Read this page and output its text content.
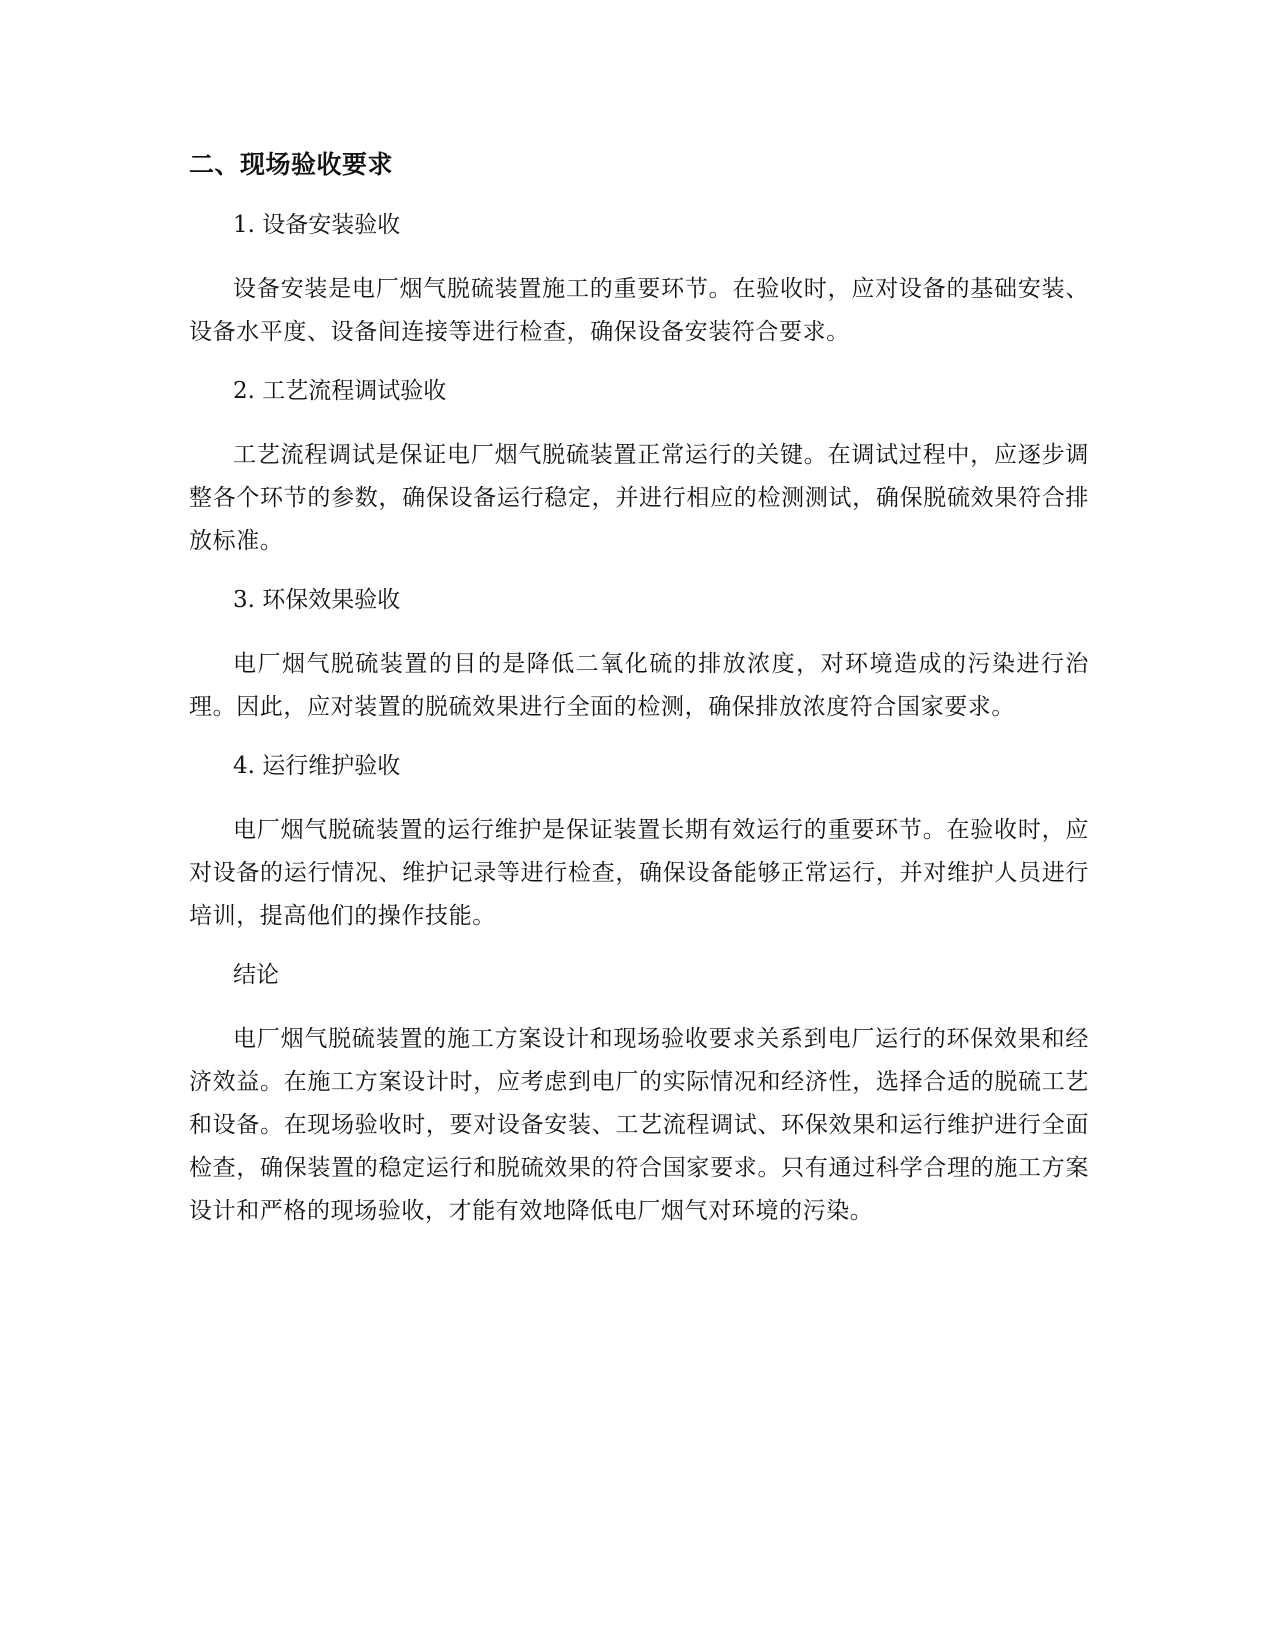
二、现场验收要求
1. 设备安装验收
设备安装是电厂烟气脱硫装置施工的重要环节。在验收时，应对设备的基础安装、设备水平度、设备间连接等进行检查，确保设备安装符合要求。
2. 工艺流程调试验收
工艺流程调试是保证电厂烟气脱硫装置正常运行的关键。在调试过程中，应逐步调整各个环节的参数，确保设备运行稳定，并进行相应的检测测试，确保脱硫效果符合排放标准。
3. 环保效果验收
电厂烟气脱硫装置的目的是降低二氧化硫的排放浓度，对环境造成的污染进行治理。因此，应对装置的脱硫效果进行全面的检测，确保排放浓度符合国家要求。
4. 运行维护验收
电厂烟气脱硫装置的运行维护是保证装置长期有效运行的重要环节。在验收时，应对设备的运行情况、维护记录等进行检查，确保设备能够正常运行，并对维护人员进行培训，提高他们的操作技能。
结论
电厂烟气脱硫装置的施工方案设计和现场验收要求关系到电厂运行的环保效果和经济效益。在施工方案设计时，应考虑到电厂的实际情况和经济性，选择合适的脱硫工艺和设备。在现场验收时，要对设备安装、工艺流程调试、环保效果和运行维护进行全面检查，确保装置的稳定运行和脱硫效果的符合国家要求。只有通过科学合理的施工方案设计和严格的现场验收，才能有效地降低电厂烟气对环境的污染。
